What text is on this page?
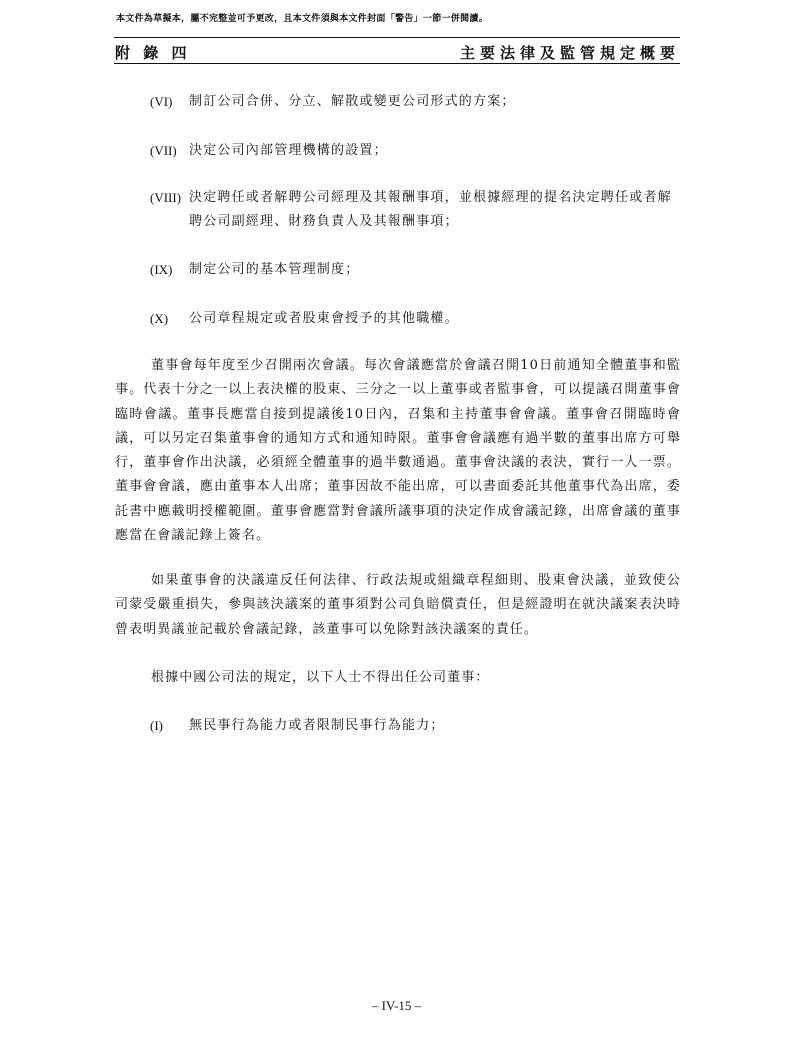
本文件為草擬本，屬不完整並可予更改，且本文件須與本文件封面「警告」一節一併閱讀。
附 錄 四	主要法律及監管規定概要
(VI) 制訂公司合併、分立、解散或變更公司形式的方案；
(VII) 決定公司內部管理機構的設置；
(VIII) 決定聘任或者解聘公司經理及其報酬事項，並根據經理的提名決定聘任或者解聘公司副經理、財務負責人及其報酬事項；
(IX) 制定公司的基本管理制度；
(X) 公司章程規定或者股東會授予的其他職權。

董事會每年度至少召開兩次會議。每次會議應當於會議召開10日前通知全體董事和監事。代表十分之一以上表決權的股東、三分之一以上董事或者監事會，可以提議召開董事會臨時會議。董事長應當自接到提議後10日內，召集和主持董事會會議。董事會召開臨時會議，可以另定召集董事會的通知方式和通知時限。董事會會議應有過半數的董事出席方可舉行，董事會作出決議，必須經全體董事的過半數通過。董事會決議的表決，實行一人一票。董事會會議，應由董事本人出席；董事因故不能出席，可以書面委託其他董事代為出席，委託書中應載明授權範圍。董事會應當對會議所議事項的決定作成會議記錄，出席會議的董事應當在會議記錄上簽名。

如果董事會的決議違反任何法律、行政法規或組織章程細則、股東會決議，並致使公司蒙受嚴重損失，參與該決議案的董事須對公司負賠償責任，但是經證明在就決議案表決時曾表明異議並記載於會議記錄，該董事可以免除對該決議案的責任。

根據中國公司法的規定，以下人士不得出任公司董事：

(I) 無民事行為能力或者限制民事行為能力；
– IV-15 –
